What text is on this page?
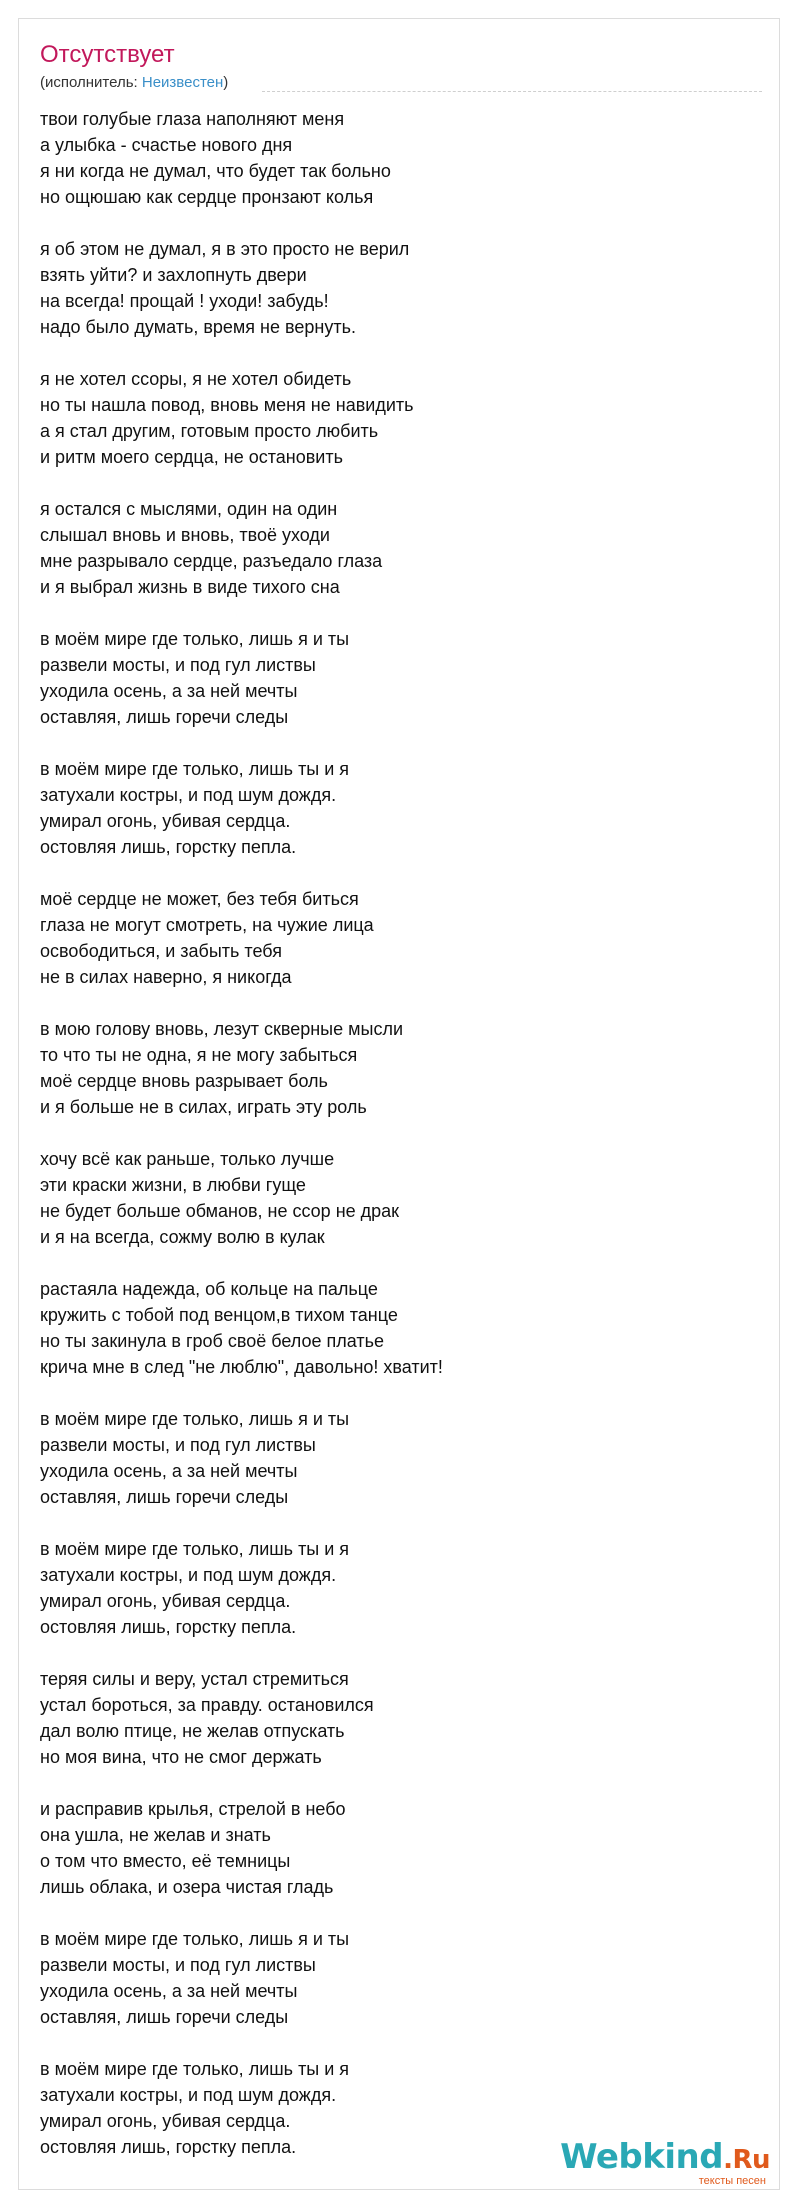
Отсутствует
(исполнитель: Неизвестен)
твои голубые глаза наполняют меня
а улыбка - счастье нового дня
я ни когда не думал, что будет так больно
но ощюшаю как сердце пронзают колья
я об этом не думал, я в это просто не верил
взять уйти? и захлопнуть двери
на всегда! прощай ! уходи! забудь!
надо было думать, время не вернуть.
я не хотел ссоры, я не хотел обидеть
но ты нашла повод, вновь меня не навидить
а я стал другим, готовым просто любить
и ритм моего сердца, не остановить
я остался с мыслями, один на один
слышал вновь и вновь, твоё уходи
мне разрывало сердце, разъедало глаза
и я выбрал жизнь в виде тихого сна
в моём мире где только, лишь я и ты
развели мосты, и под гул листвы
уходила осень, а за ней мечты
оставляя, лишь горечи следы
в моём мире где только, лишь ты и я
затухали костры, и под шум дождя.
умирал огонь, убивая сердца.
остовляя лишь, горстку пепла.
моё сердце не может, без тебя биться
глаза не могут смотреть, на чужие лица
освободиться, и забыть тебя
не в силах наверно, я никогда
в мою голову вновь, лезут скверные мысли
то что ты не одна, я не могу забыться
моё сердце вновь разрывает боль
и я больше не в силах, играть эту роль
хочу всё как раньше, только лучше
эти краски жизни, в любви гуще
не будет больше обманов, не ссор не драк
и я на всегда, сожму волю в кулак
растаяла надежда, об кольце на пальце
кружить с тобой под венцом,в тихом танце
но ты закинула в гроб своё белое платье
крича мне в след "не люблю", давольно! хватит!
в моём мире где только, лишь я и ты
развели мосты, и под гул листвы
уходила осень, а за ней мечты
оставляя, лишь горечи следы
в моём мире где только, лишь ты и я
затухали костры, и под шум дождя.
умирал огонь, убивая сердца.
остовляя лишь, горстку пепла.
теряя силы и веру, устал стремиться
устал бороться, за правду. остановился
дал волю птице, не желав отпускать
но моя вина, что не смог держать
и расправив крылья, стрелой в небо
она ушла, не желав и знать
о том что вместо, её темницы
лишь облака, и озера чистая гладь
в моём мире где только, лишь я и ты
развели мосты, и под гул листвы
уходила осень, а за ней мечты
оставляя, лишь горечи следы
в моём мире где только, лишь ты и я
затухали костры, и под шум дождя.
умирал огонь, убивая сердца.
остовляя лишь, горстку пепла.	Webkind.Ru
тексты песен
